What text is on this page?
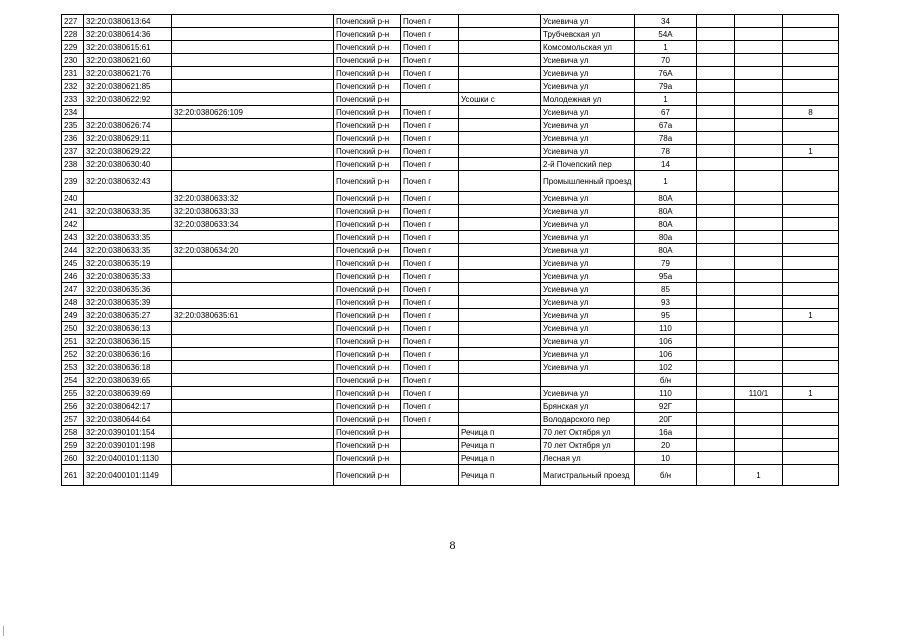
227	32:20:0380613:64		Почепский р-н	Почеп г		Усиевича ул	34			
228	32:20:0380614:36		Почепский р-н	Почеп г		Трубчевская ул	54А			
229	32:20:0380615:61		Почепский р-н	Почеп г		Комсомольская ул	1			
230	32:20:0380621:60		Почепский р-н	Почеп г		Усиевича ул	70			
231	32:20:0380621:76		Почепский р-н	Почеп г		Усиевича ул	76А			
232	32:20:0380621:85		Почепский р-н	Почеп г		Усиевича ул	79а			
233	32:20:0380622:92		Почепский р-н		Усошки с	Молодежная ул	1			
234		32:20:0380626:109	Почепский р-н	Почеп г		Усиевича ул	67			8
235	32:20:0380626:74		Почепский р-н	Почеп г		Усиевича ул	67а			
236	32:20:0380629:11		Почепский р-н	Почеп г		Усиевича ул	78а			
237	32:20:0380629:22		Почепский р-н	Почеп г		Усиевича ул	78			1
238	32:20:0380630:40		Почепский р-н	Почеп г		2-й Почепский пер	14			
239	32:20:0380632:43		Почепский р-н	Почеп г		Промышленный проезд	1			
240		32:20:0380633:32	Почепский р-н	Почеп г		Усиевича ул	80А			
241	32:20:0380633:35	32:20:0380633:33	Почепский р-н	Почеп г		Усиевича ул	80А			
242		32:20:0380633:34	Почепский р-н	Почеп г		Усиевича ул	80А			
243	32:20:0380633:35		Почепский р-н	Почеп г		Усиевича ул	80а			
244	32:20:0380633:35	32:20:0380634:20	Почепский р-н	Почеп г		Усиевича ул	80А			
245	32:20:0380635:19		Почепский р-н	Почеп г		Усиевича ул	79			
246	32:20:0380635:33		Почепский р-н	Почеп г		Усиевича ул	95а			
247	32:20:0380635:36		Почепский р-н	Почеп г		Усиевича ул	85			
248	32:20:0380635:39		Почепский р-н	Почеп г		Усиевича ул	93			
249	32:20:0380635:27	32:20:0380635:61	Почепский р-н	Почеп г		Усиевича ул	95			1
250	32:20:0380636:13		Почепский р-н	Почеп г		Усиевича ул	110			
251	32:20:0380636:15		Почепский р-н	Почеп г		Усиевича ул	106			
252	32:20:0380636:16		Почепский р-н	Почеп г		Усиевича ул	106			
253	32:20:0380636:18		Почепский р-н	Почеп г		Усиевича ул	102			
254	32:20:0380639:65		Почепский р-н	Почеп г			б/н			
255	32:20:0380639:69		Почепский р-н	Почеп г		Усиевича ул	110		110/1	1
256	32:20:0380642:17		Почепский р-н	Почеп г		Брянская ул	92Г			
257	32:20:0380644:64		Почепский р-н	Почеп г		Володарского пер	20Г			
258	32:20:0390101:154		Почепский р-н		Речица п	70 лет Октября ул	16а			
259	32:20:0390101:198		Почепский р-н		Речица п	70 лет Октября ул	20			
260	32:20:0400101:1130		Почепский р-н		Речица п	Лесная ул	10			
261	32:20:0400101:1149		Почепский р-н		Речица п	Магистральный проезд	б/н		1	
8
